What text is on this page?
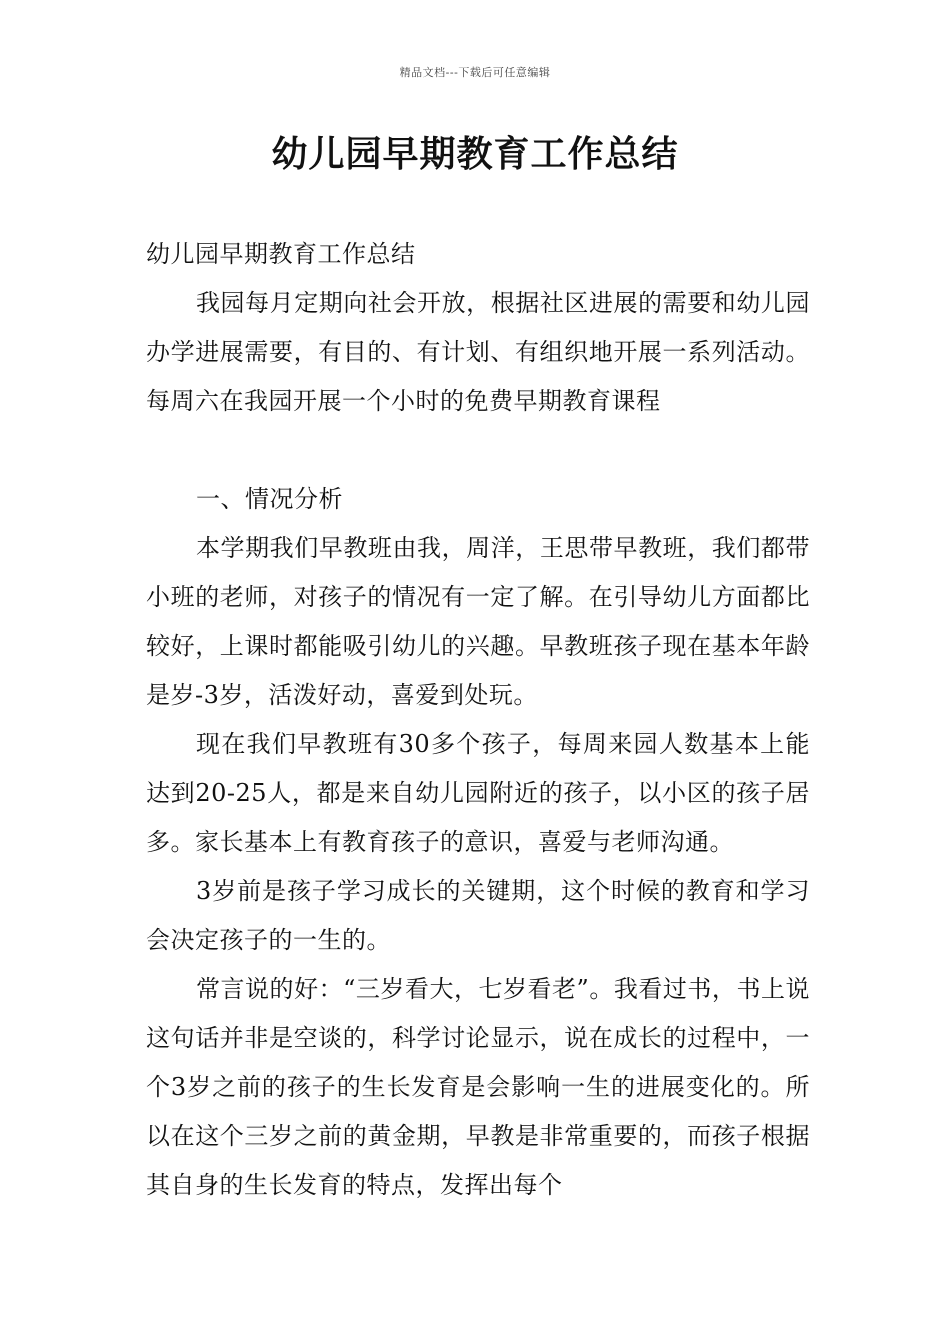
精品文档---下载后可任意编辑
幼儿园早期教育工作总结

幼儿园早期教育工作总结

我园每月定期向社会开放，根据社区进展的需要和幼儿园办学进展需要，有目的、有计划、有组织地开展一系列活动。每周六在我园开展一个小时的免费早期教育课程

一、情况分析

本学期我们早教班由我，周洋，王思带早教班，我们都带小班的老师，对孩子的情况有一定了解。在引导幼儿方面都比较好，上课时都能吸引幼儿的兴趣。早教班孩子现在基本年龄是岁-3岁，活泼好动，喜爱到处玩。

现在我们早教班有30多个孩子，每周来园人数基本上能达到20-25人，都是来自幼儿园附近的孩子，以小区的孩子居多。家长基本上有教育孩子的意识，喜爱与老师沟通。

3岁前是孩子学习成长的关键期，这个时候的教育和学习会决定孩子的一生的。

常言说的好：“三岁看大，七岁看老”。我看过书，书上说这句话并非是空谈的，科学讨论显示，说在成长的过程中，一个3岁之前的孩子的生长发育是会影响一生的进展变化的。所以在这个三岁之前的黄金期，早教是非常重要的，而孩子根据其自身的生长发育的特点，发挥出每个
